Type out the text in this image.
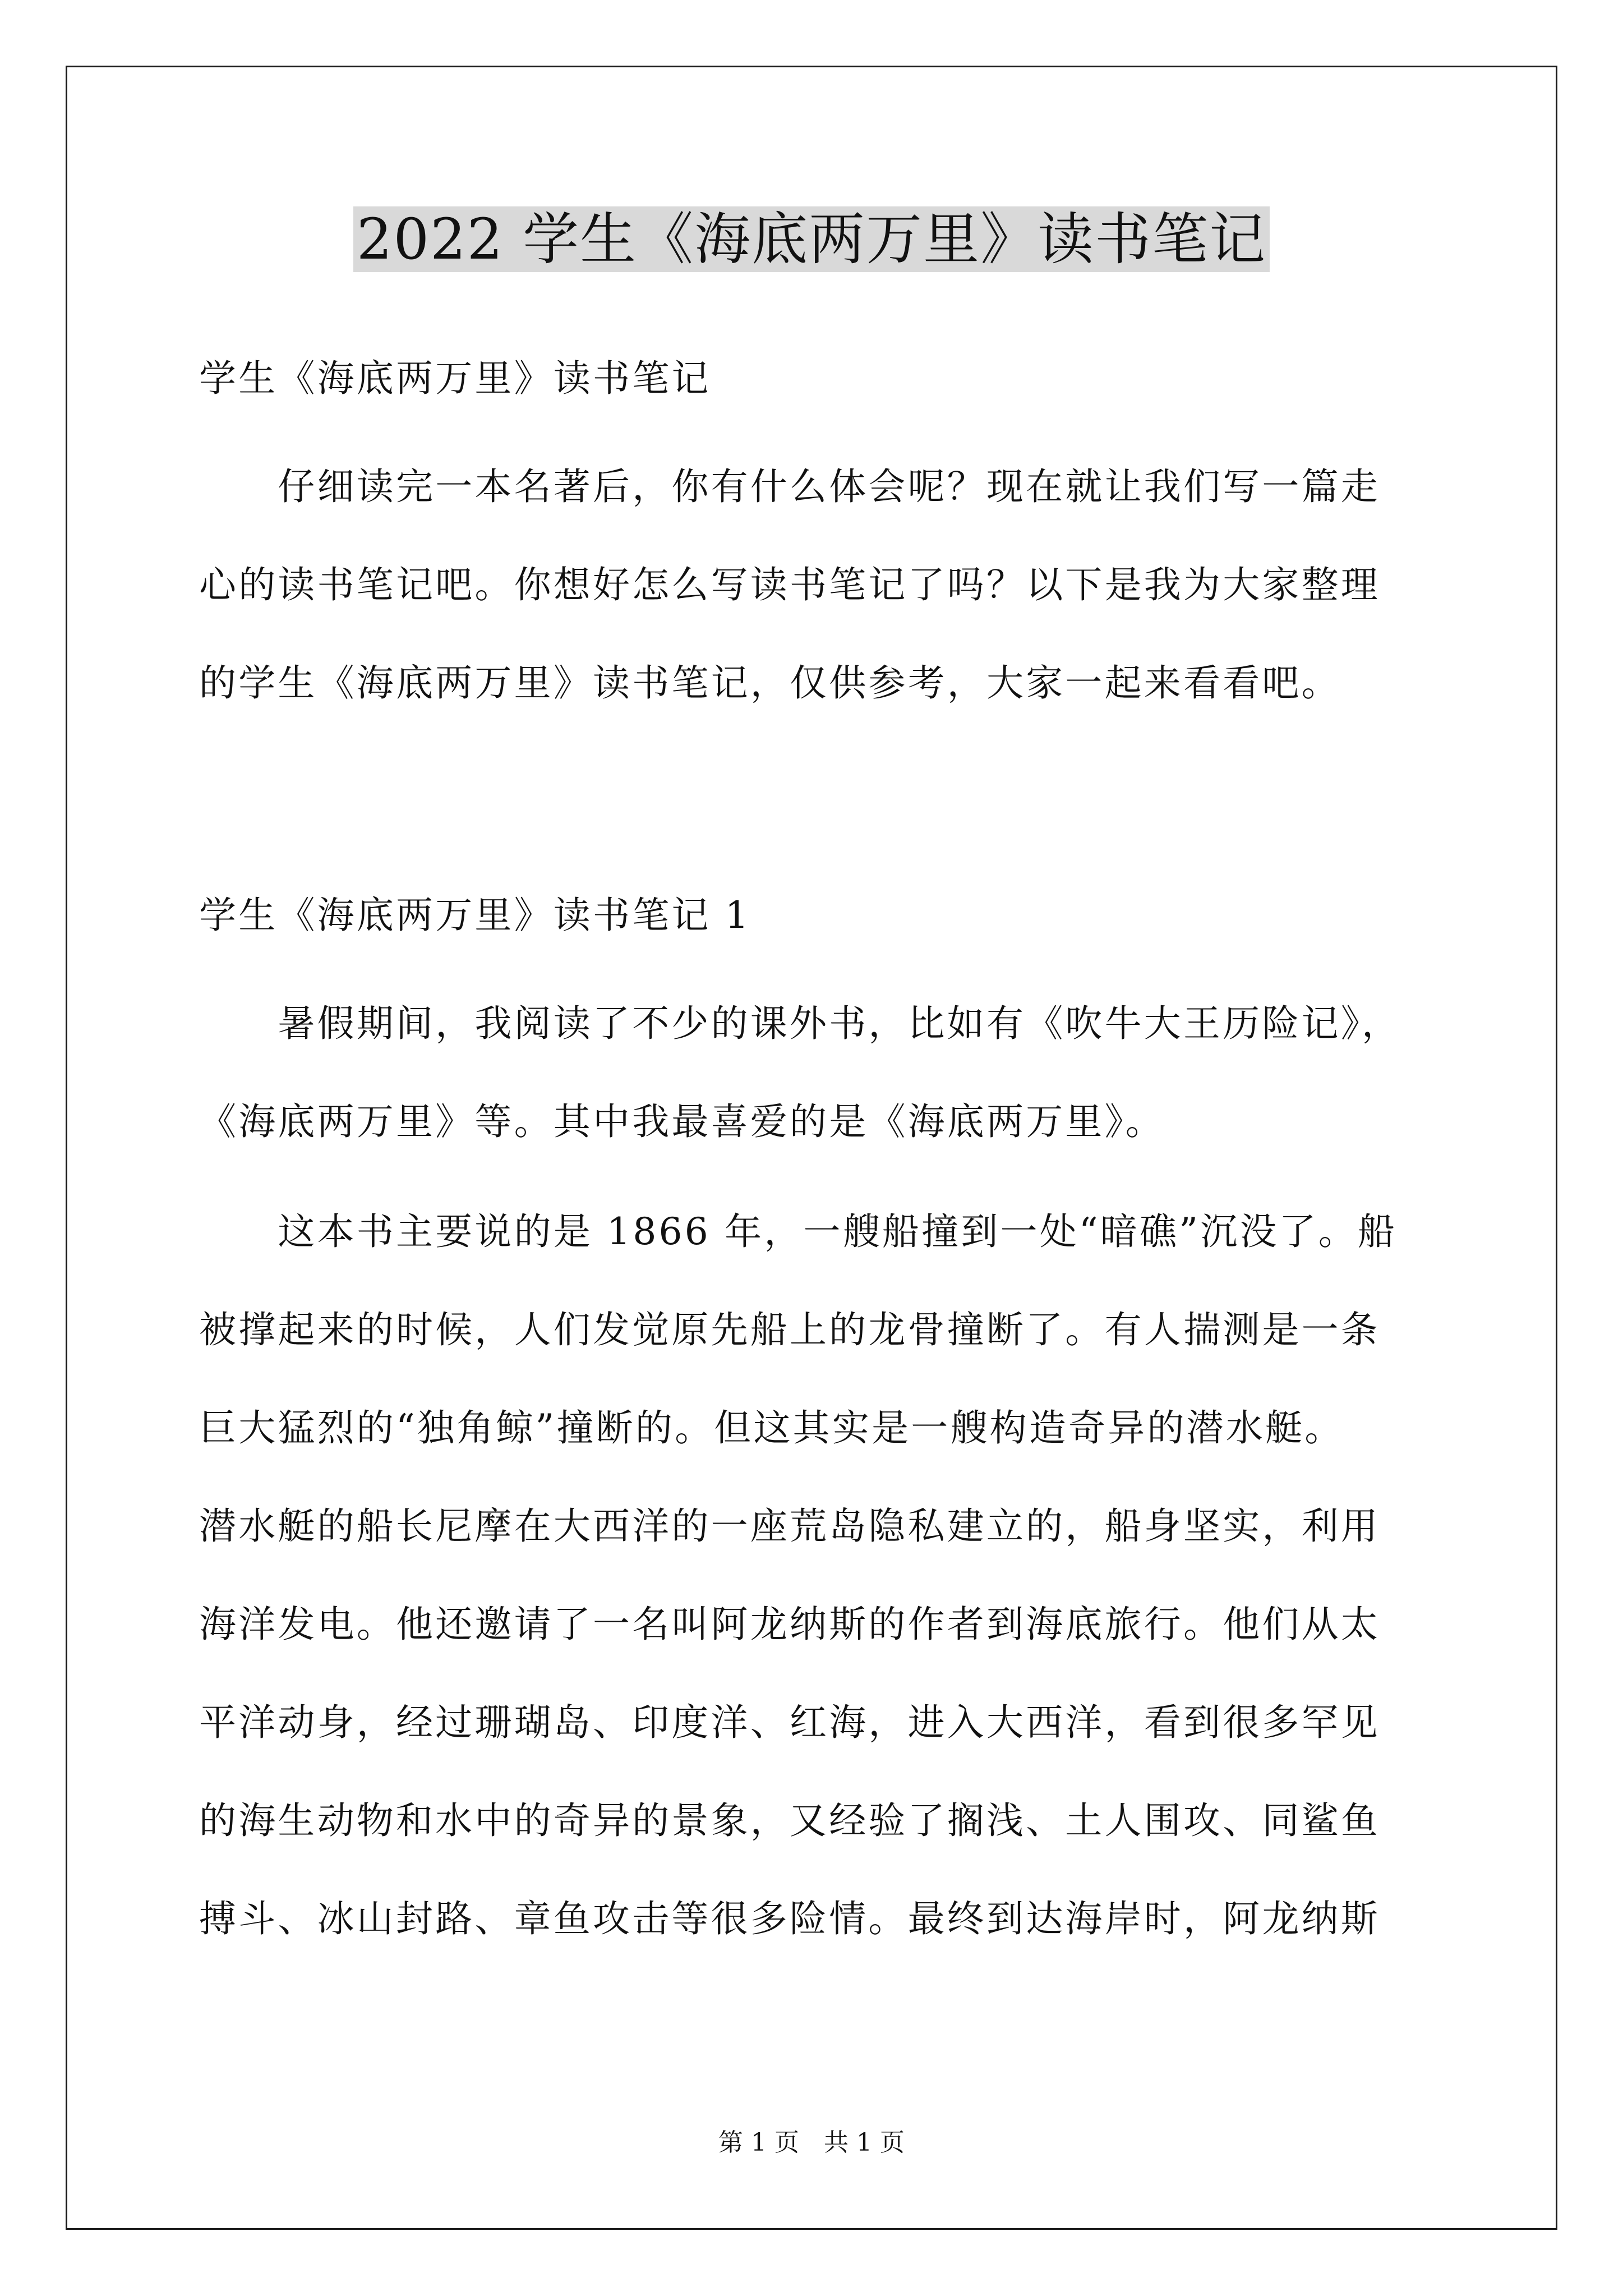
2022 学生《海底两万里》读书笔记
学生《海底两万里》读书笔记
　　仔细读完一本名著后，你有什么体会呢？现在就让我们写一篇走
心的读书笔记吧。你想好怎么写读书笔记了吗？以下是我为大家整理
的学生《海底两万里》读书笔记，仅供参考，大家一起来看看吧。
学生《海底两万里》读书笔记 1
　　暑假期间，我阅读了不少的课外书，比如有《吹牛大王历险记》，
《海底两万里》等。其中我最喜爱的是《海底两万里》。
　　这本书主要说的是 1866 年，一艘船撞到一处“暗礁”沉没了。船
被撑起来的时候，人们发觉原先船上的龙骨撞断了。有人揣测是一条
巨大猛烈的“独角鲸”撞断的。但这其实是一艘构造奇异的潜水艇。
潜水艇的船长尼摩在大西洋的一座荒岛隐私建立的，船身坚实，利用
海洋发电。他还邀请了一名叫阿龙纳斯的作者到海底旅行。他们从太
平洋动身，经过珊瑚岛、印度洋、红海，进入大西洋，看到很多罕见
的海生动物和水中的奇异的景象，又经验了搁浅、土人围攻、同鲨鱼
搏斗、冰山封路、章鱼攻击等很多险情。最终到达海岸时，阿龙纳斯
第 1 页　共 1 页
